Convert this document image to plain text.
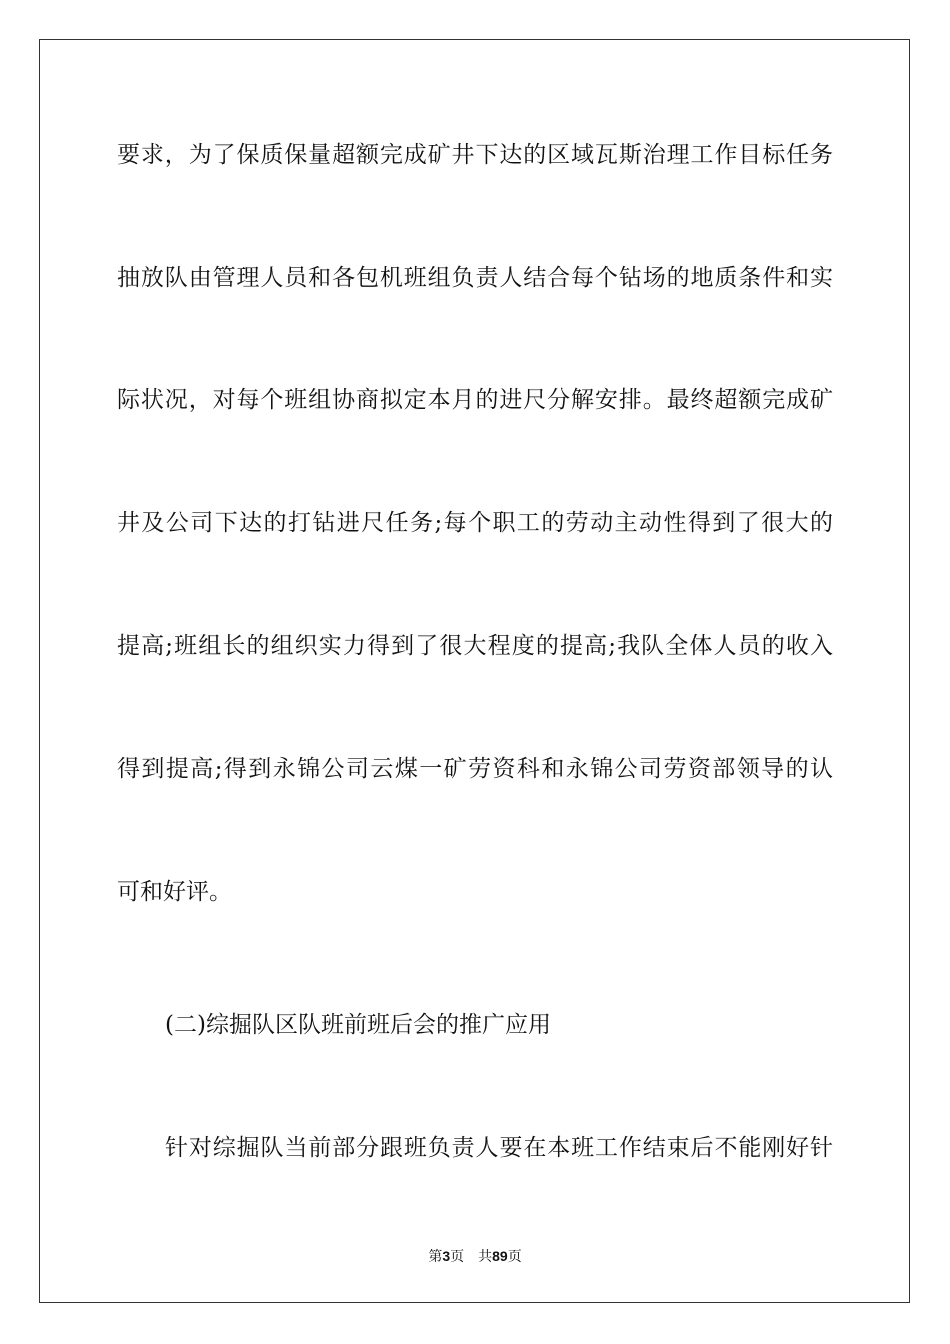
要求，为了保质保量超额完成矿井下达的区域瓦斯治理工作目标任务
抽放队由管理人员和各包机班组负责人结合每个钻场的地质条件和实
际状况，对每个班组协商拟定本月的进尺分解安排。最终超额完成矿
井及公司下达的打钻进尺任务;每个职工的劳动主动性得到了很大的
提高;班组长的组织实力得到了很大程度的提高;我队全体人员的收入
得到提高;得到永锦公司云煤一矿劳资科和永锦公司劳资部领导的认
可和好评。
(二)综掘队区队班前班后会的推广应用
针对综掘队当前部分跟班负责人要在本班工作结束后不能刚好针
第3页 共89页
